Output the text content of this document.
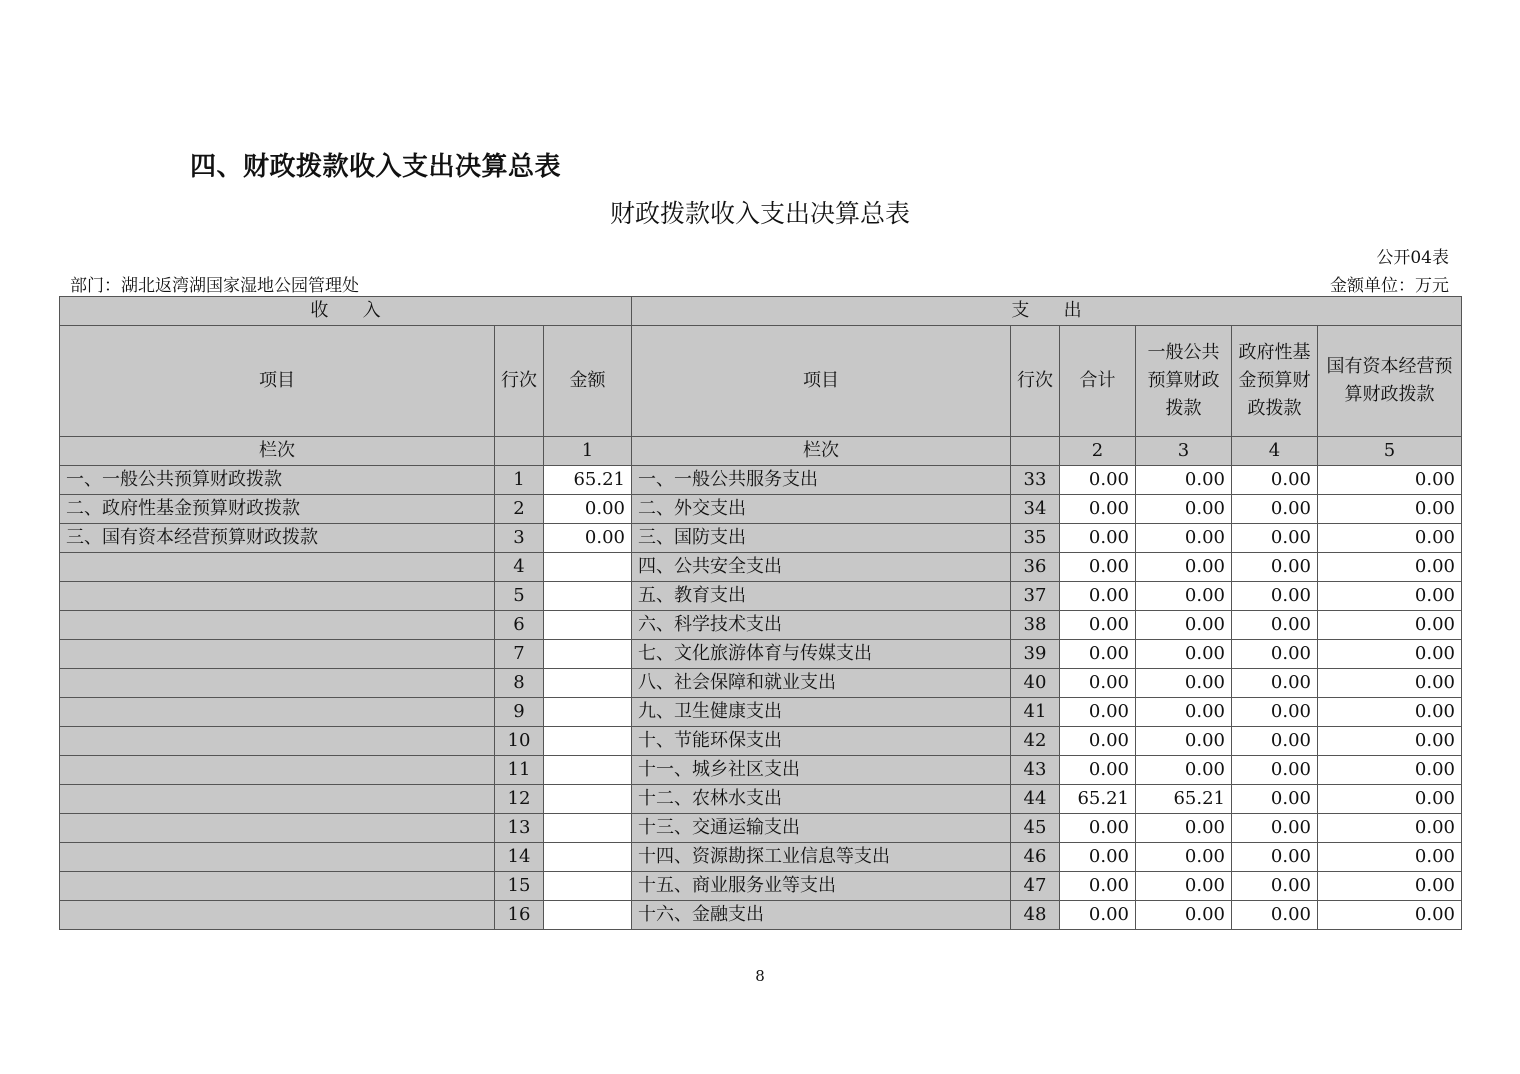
四、财政拨款收入支出决算总表
财政拨款收入支出决算总表
公开04表
部门：湖北返湾湖国家湿地公园管理处	金额单位：万元
收      入			支      出					
项目	行次	金额	项目	行次	合计	一般公共预算财政拨款	政府性基金预算财政拨款	国有资本经营预算财政拨款
栏次		1	栏次		2	3	4	5
一、一般公共预算财政拨款	1	65.21	一、一般公共服务支出	33	0.00	0.00	0.00	0.00
二、政府性基金预算财政拨款	2	0.00	二、外交支出	34	0.00	0.00	0.00	0.00
三、国有资本经营预算财政拨款	3	0.00	三、国防支出	35	0.00	0.00	0.00	0.00
	4		四、公共安全支出	36	0.00	0.00	0.00	0.00
	5		五、教育支出	37	0.00	0.00	0.00	0.00
	6		六、科学技术支出	38	0.00	0.00	0.00	0.00
	7		七、文化旅游体育与传媒支出	39	0.00	0.00	0.00	0.00
	8		八、社会保障和就业支出	40	0.00	0.00	0.00	0.00
	9		九、卫生健康支出	41	0.00	0.00	0.00	0.00
	10		十、节能环保支出	42	0.00	0.00	0.00	0.00
	11		十一、城乡社区支出	43	0.00	0.00	0.00	0.00
	12		十二、农林水支出	44	65.21	65.21	0.00	0.00
	13		十三、交通运输支出	45	0.00	0.00	0.00	0.00
	14		十四、资源勘探工业信息等支出	46	0.00	0.00	0.00	0.00
	15		十五、商业服务业等支出	47	0.00	0.00	0.00	0.00
	16		十六、金融支出	48	0.00	0.00	0.00	0.00
8
